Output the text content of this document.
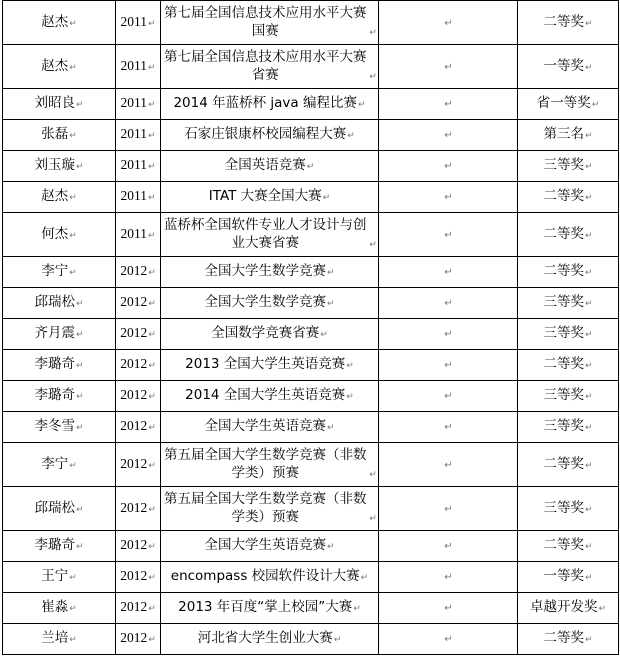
赵杰↵	2011↵	第七届全国信息技术应用水平大赛国赛 ↵	↵	二等奖↵
赵杰↵	2011↵	第七届全国信息技术应用水平大赛省赛 ↵	↵	一等奖↵
刘昭良↵	2011↵	2014 年蓝桥杯 java 编程比赛↵	↵	省一等奖↵
张磊↵	2011↵	石家庄银康杯校园编程大赛↵	↵	第三名↵
刘玉璇↵	2011↵	全国英语竞赛↵	↵	三等奖↵
赵杰↵	2011↵	ITAT 大赛全国大赛↵	↵	二等奖↵
何杰↵	2011↵	蓝桥杯全国软件专业人才设计与创业大赛省赛 ↵	↵	二等奖↵
李宁↵	2012↵	全国大学生数学竞赛↵	↵	二等奖↵
邱瑞松↵	2012↵	全国大学生数学竞赛↵	↵	三等奖↵
齐月震↵	2012↵	全国数学竞赛省赛↵	↵	三等奖↵
李璐奇↵	2012↵	2013 全国大学生英语竞赛↵	↵	二等奖↵
李璐奇↵	2012↵	2014 全国大学生英语竞赛↵	↵	三等奖↵
李冬雪↵	2012↵	全国大学生英语竞赛↵	↵	三等奖↵
李宁↵	2012↵	第五届全国大学生数学竞赛（非数学类）预赛 ↵	↵	二等奖↵
邱瑞松↵	2012↵	第五届全国大学生数学竞赛（非数学类）预赛 ↵	↵	三等奖↵
李璐奇↵	2012↵	全国大学生英语竞赛↵	↵	二等奖↵
王宁↵	2012↵	encompass 校园软件设计大赛↵	↵	一等奖↵
崔淼↵	2012↵	2013 年百度“掌上校园”大赛↵	↵	卓越开发奖↵
兰培↵	2012↵	河北省大学生创业大赛↵	↵	二等奖↵
